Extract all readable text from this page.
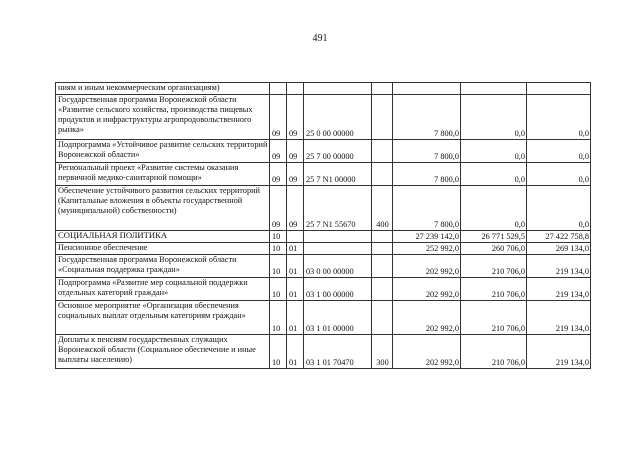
491
ниям и иным некоммерческим организациям)							
Государственная программа Воронежской области «Развитие сельского хозяйства, производства пищевых продуктов и инфраструктуры агропродовольственного рынка»	09	09	25 0 00 00000		7 800,0	0,0	0,0
Подпрограмма «Устойчивое развитие сельских территорий Воронежской области»	09	09	25 7 00 00000		7 800,0	0,0	0,0
Региональный проект «Развитие системы оказания первичной медико-санитарной помощи»	09	09	25 7 N1 00000		7 800,0	0,0	0,0
Обеспечение устойчивого развития сельских территорий (Капитальные вложения в объекты государственной (муниципальной) собственности)	09	09	25 7 N1 55670	400	7 800,0	0,0	0,0
СОЦИАЛЬНАЯ ПОЛИТИКА	10				27 239 142,0	26 771 529,5	27 422 758,8
Пенсионное обеспечение	10	01			252 992,0	260 706,0	269 134,0
Государственная программа Воронежской области «Социальная поддержка граждан»	10	01	03 0 00 00000		202 992,0	210 706,0	219 134,0
Подпрограмма «Развитие мер социальной поддержки отдельных категорий граждан»	10	01	03 1 00 00000		202 992,0	210 706,0	219 134,0
Основное мероприятие «Организация обеспечения социальных выплат отдельным категориям граждан»	10	01	03 1 01 00000		202 992,0	210 706,0	219 134,0
Доплаты к пенсиям государственных служащих Воронежской области (Социальное обеспечение и иные выплаты населению)	10	01	03 1 01 70470	300	202 992,0	210 706,0	219 134,0
